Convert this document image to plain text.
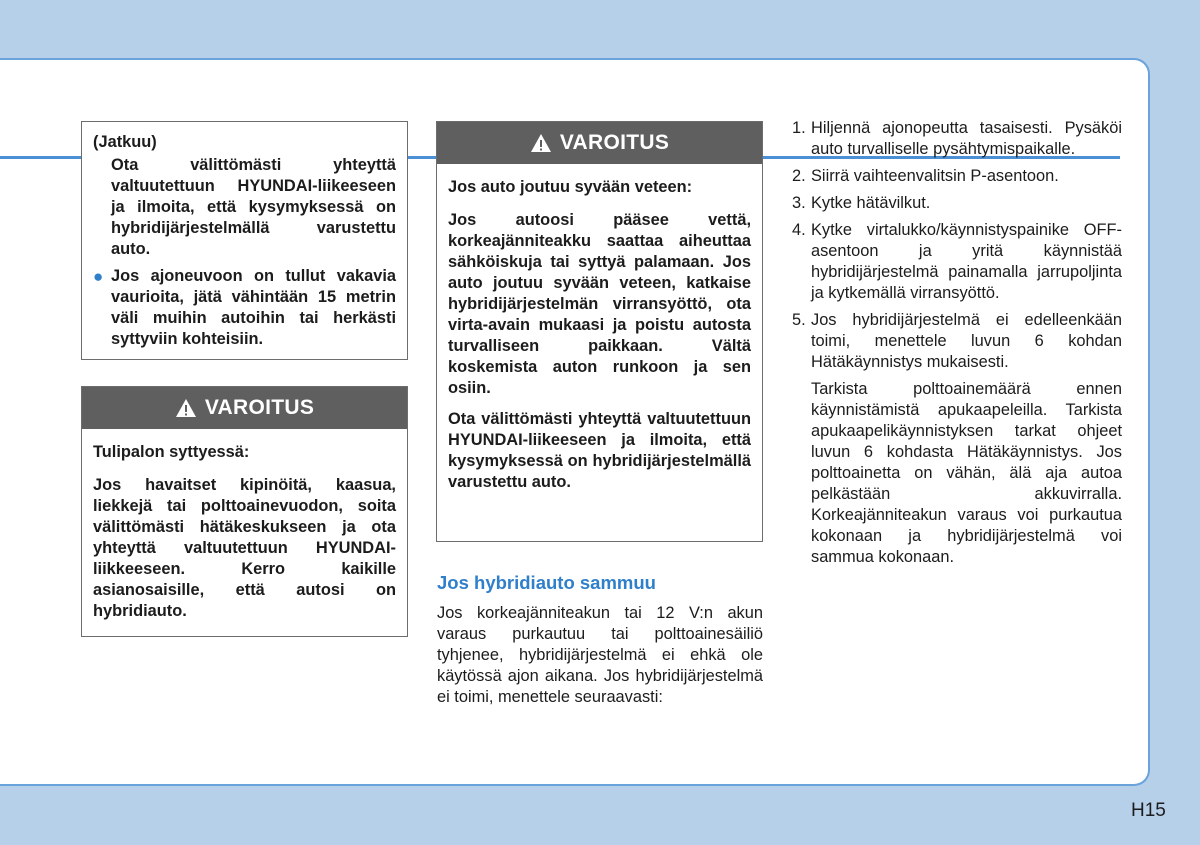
(Jatkuu)

Ota välittömästi yhteyttä valtuutettuun HYUNDAI-liikeeseen ja ilmoita, että kysymyksessä on hybridijärjestelmällä varustettu auto.

● Jos ajoneuvoon on tullut vakavia vaurioita, jätä vähintään 15 metrin väli muihin autoihin tai herkästi syttyviin kohteisiin.

VAROITUS

Tulipalon syttyessä:

Jos havaitset kipinöitä, kaasua, liekkejä tai polttoainevuodon, soita välittömästi hätäkeskukseen ja ota yhteyttä valtuutettuun HYUNDAI-liikkeeseen. Kerro kaikille asianosaisille, että autosi on hybridiauto.

VAROITUS

Jos auto joutuu syvään veteen:

Jos autoosi pääsee vettä, korkeajänniteakku saattaa aiheuttaa sähköiskuja tai syttyä palamaan. Jos auto joutuu syvään veteen, katkaise hybridijärjestelmän virransyöttö, ota virta-avain mukaasi ja poistu autosta turvalliseen paikkaan. Vältä koskemista auton runkoon ja sen osiin.

Ota välittömästi yhteyttä valtuutettuun HYUNDAI-liikeeseen ja ilmoita, että kysymyksessä on hybridijärjestelmällä varustettu auto.

Jos hybridiauto sammuu
Jos korkeajänniteakun tai 12 V:n akun varaus purkautuu tai polttoainesäiliö tyhjenee, hybridijärjestelmä ei ehkä ole käytössä ajon aikana. Jos hybridijärjestelmä ei toimi, menettele seuraavasti:

1. Hiljennä ajonopeutta tasaisesti. Pysäköi auto turvalliselle pysähtymispaikalle.

2. Siirrä vaihteenvalitsin P-asentoon.

3. Kytke hätävilkut.

4. Kytke virtalukko/käynnistyspainike OFF-asentoon ja yritä käynnistää hybridijärjestelmä painamalla jarrupoljinta ja kytkemällä virransyöttö.

5. Jos hybridijärjestelmä ei edelleenkään toimi, menettele luvun 6 kohdan Hätäkäynnistys mukaisesti.

Tarkista polttoainemäärä ennen käynnistämistä apukaapeleilla. Tarkista apukaapelikäynnistyksen tarkat ohjeet luvun 6 kohdasta Hätäkäynnistys. Jos polttoainetta on vähän, älä aja autoa pelkästään akkuvirralla. Korkeajänniteakun varaus voi purkautua kokonaan ja hybridijärjestelmä voi sammua kokonaan.

H15
